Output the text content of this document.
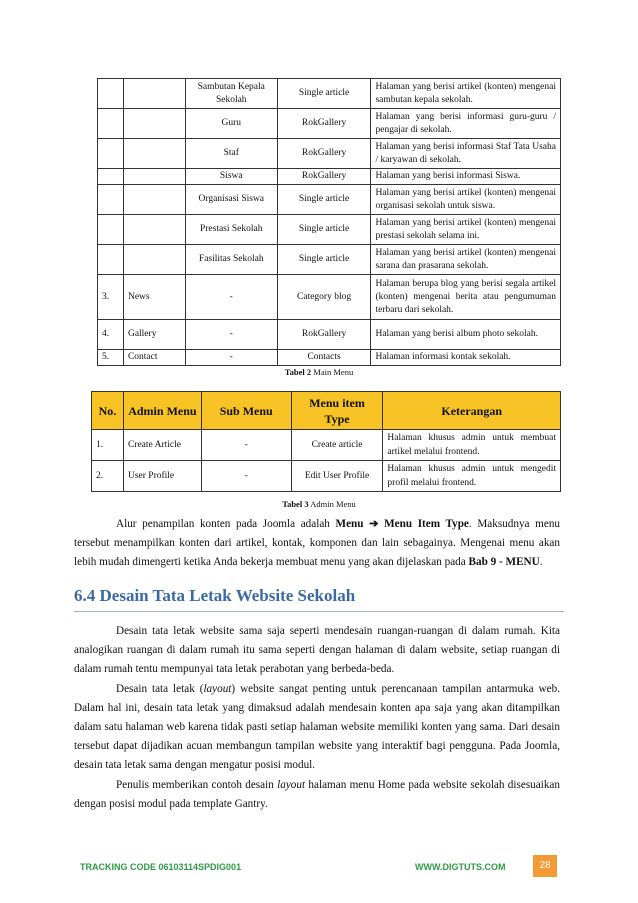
		Sambutan Kepala Sekolah	Single article	Halaman yang berisi artikel (konten) mengenai sambutan kepala sekolah.
		Guru	RokGallery	Halaman yang berisi informasi guru-guru / pengajar di sekolah.
		Staf	RokGallery	Halaman yang berisi informasi Staf Tata Usaha / karyawan di sekolah.
		Siswa	RokGallery	Halaman yang berisi informasi Siswa.
		Organisasi Siswa	Single article	Halaman yang berisi artikel (konten) mengenai organisasi sekolah untuk siswa.
		Prestasi Sekolah	Single article	Halaman yang berisi artikel (konten) mengenai prestasi sekolah selama ini.
		Fasilitas Sekolah	Single article	Halaman yang berisi artikel (konten) mengenai sarana dan prasarana sekolah.
3.	News	-	Category blog	Halaman berupa blog yang berisi segala artikel (konten) mengenai berita atau pengumuman terbaru dari sekolah.
4.	Gallery	-	RokGallery	Halaman yang berisi album photo sekolah.
5.	Contact	-	Contacts	Halaman informasi kontak sekolah.
Tabel 2 Main Menu
No.	Admin Menu	Sub Menu	Menu item Type	Keterangan
1.	Create Article	-	Create article	Halaman khusus admin untuk membuat artikel melalui frontend.
2.	User Profile	-	Edit User Profile	Halaman khusus admin untuk mengedit profil melalui frontend.
Tabel 3 Admin Menu
Alur penampilan konten pada Joomla adalah Menu ➔ Menu Item Type. Maksudnya menu tersebut menampilkan konten dari artikel, kontak, komponen dan lain sebagainya. Mengenai menu akan lebih mudah dimengerti ketika Anda bekerja membuat menu yang akan dijelaskan pada Bab 9 - MENU.
6.4 Desain Tata Letak Website Sekolah
Desain tata letak website sama saja seperti mendesain ruangan-ruangan di dalam rumah. Kita analogikan ruangan di dalam rumah itu sama seperti dengan halaman di dalam website, setiap ruangan di dalam rumah tentu mempunyai tata letak perabotan yang berbeda-beda.
Desain tata letak (layout) website sangat penting untuk perencanaan tampilan antarmuka web. Dalam hal ini, desain tata letak yang dimaksud adalah mendesain konten apa saja yang akan ditampilkan dalam satu halaman web karena tidak pasti setiap halaman website memiliki konten yang sama. Dari desain tersebut dapat dijadikan acuan membangun tampilan website yang interaktif bagi pengguna. Pada Joomla, desain tata letak sama dengan mengatur posisi modul.
Penulis memberikan contoh desain layout halaman menu Home pada website sekolah disesuaikan dengan posisi modul pada template Gantry.
TRACKING CODE 06103114SPDIG001	WWW.DIGTUTS.COM	28
